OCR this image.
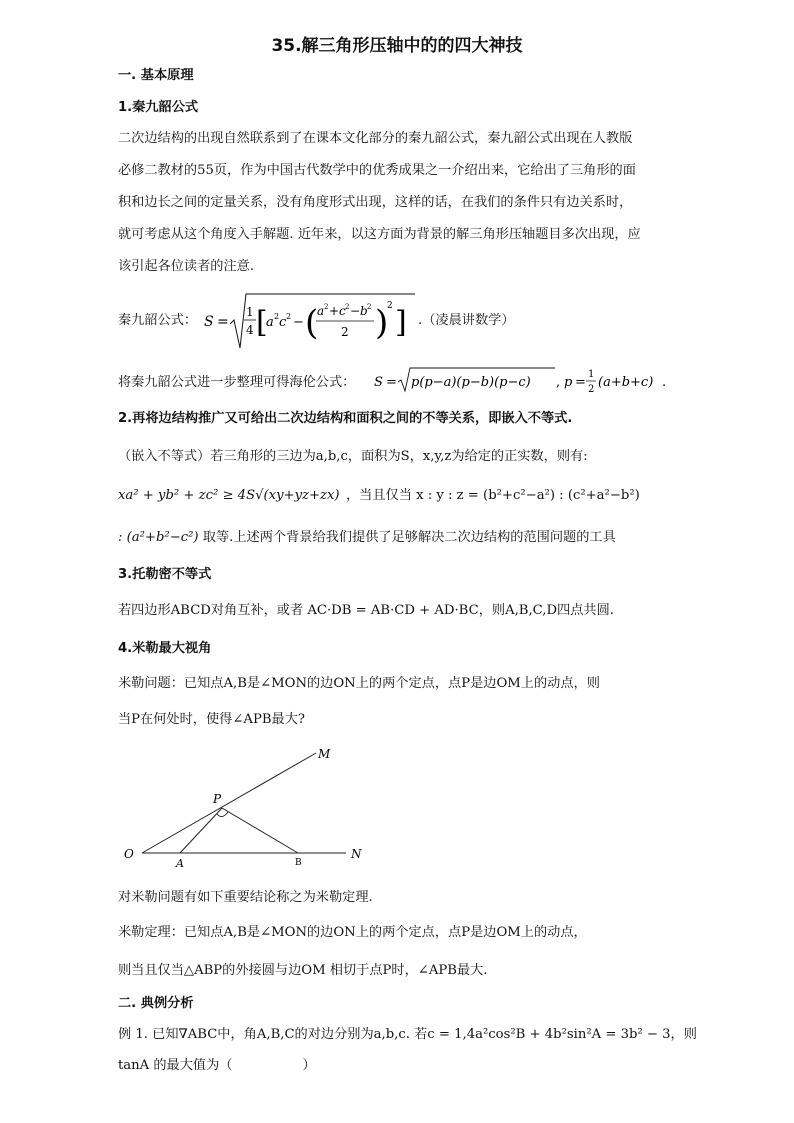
35.解三角形压轴中的的四大神技
一. 基本原理
1.秦九韶公式
二次边结构的出现自然联系到了在课本文化部分的秦九韶公式，秦九韶公式出现在人教版
必修二教材的55页，作为中国古代数学中的优秀成果之一介绍出来，它给出了三角形的面
积和边长之间的定量关系，没有角度形式出现，这样的话，在我们的条件只有边关系时，
就可考虑从这个角度入手解题. 近年来，以这方面为背景的解三角形压轴题目多次出现，应
该引起各位读者的注意.
秦九韶公式： S =
1
4 [
a 2 c 2 − (
a 2 + c 2 − b 2
2 )
2 ] .（凌晨讲数学）
将秦九韶公式进一步整理可得海伦公式： S = p(p−a)(p−b)(p−c) , p =
1
2 (a+b+c) .
2.再将边结构推广又可给出二次边结构和面积之间的不等关系，即嵌入不等式.
（嵌入不等式）若三角形的三边为a,b,c，面积为S，x,y,z为给定的正实数，则有:
xa² + yb² + zc² ≥ 4S√(xy+yz+zx) ，当且仅当 x : y : z = (b²+c²−a²) : (c²+a²−b²)
: (a²+b²−c²) 取等.上述两个背景给我们提供了足够解决二次边结构的范围问题的工具
3.托勒密不等式
若四边形ABCD对角互补，或者 AC·DB = AB·CD + AD·BC，则A,B,C,D四点共圆.
4.米勒最大视角
米勒问题：已知点A,B是∠MON的边ON上的两个定点，点P是边OM上的动点，则
当P在何处时，使得∠APB最大?
M
P
O
A	B
N
对米勒问题有如下重要结论称之为米勒定理.
米勒定理：已知点A,B是∠MON的边ON上的两个定点，点P是边OM上的动点，
则当且仅当△ABP的外接圆与边OM 相切于点P时，∠APB最大.
二. 典例分析
例 1. 已知∇ABC中，角A,B,C的对边分别为a,b,c. 若c = 1,4a²cos²B + 4b²sin²A = 3b² − 3，则
tanA 的最大值为（	）
